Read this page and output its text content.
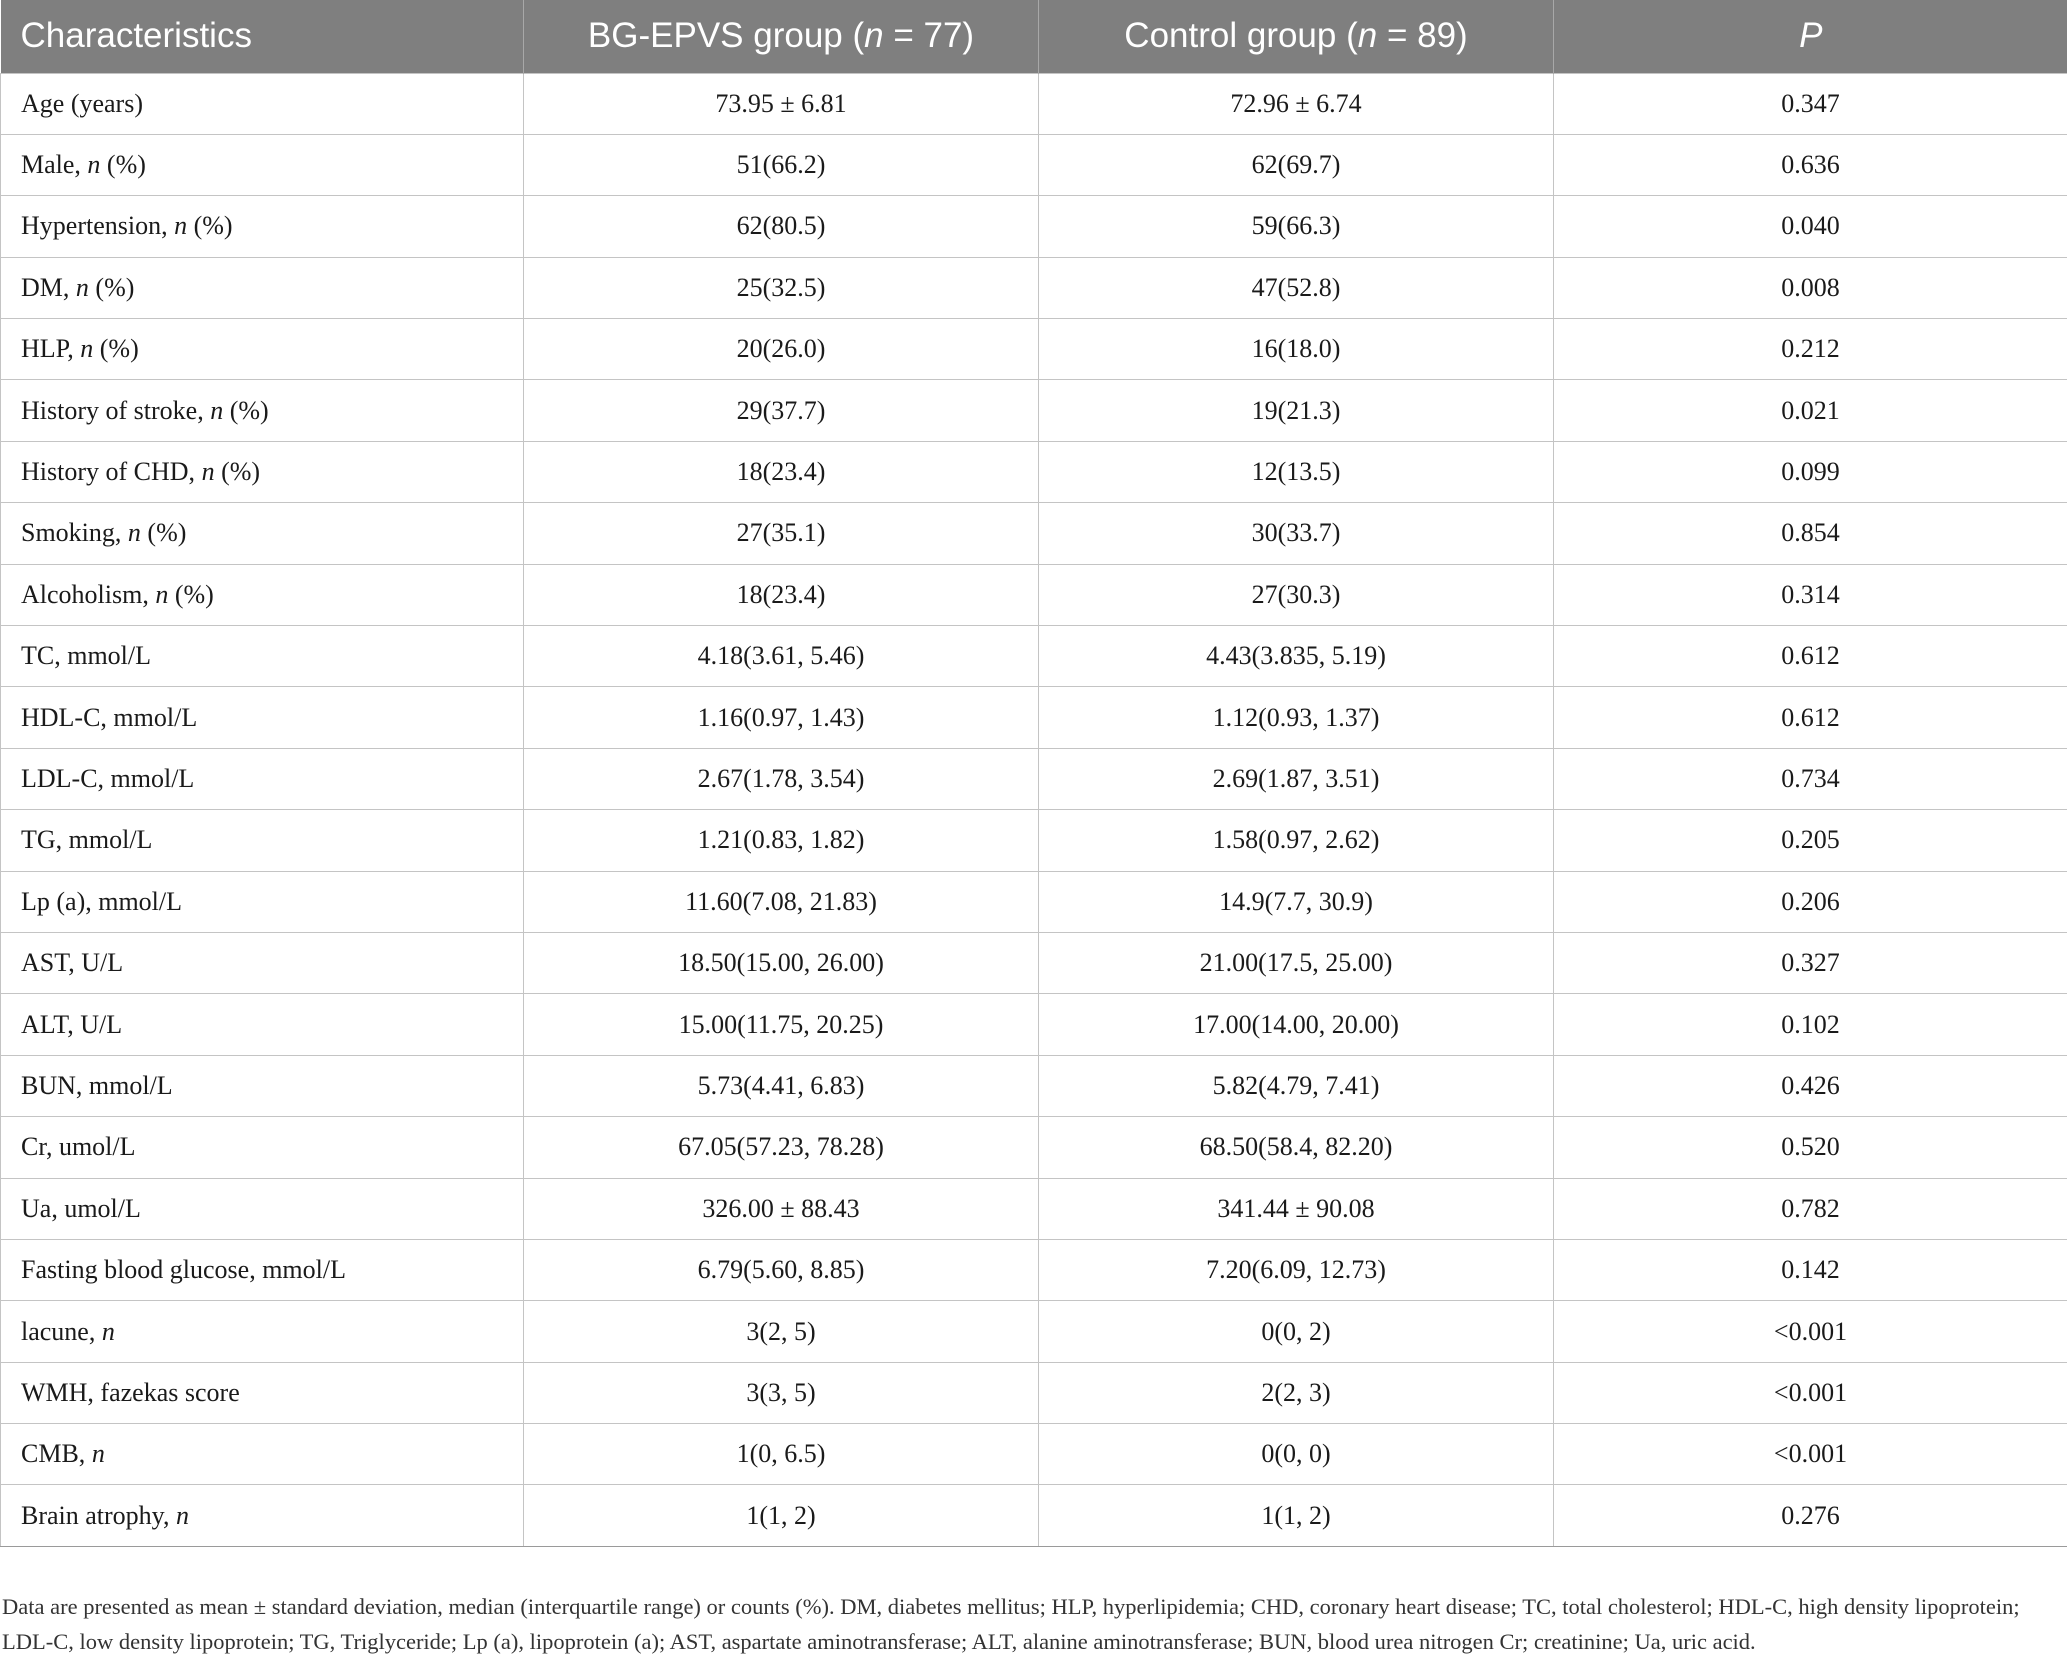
Characteristics	BG-EPVS group (n = 77)	Control group (n = 89)	P
Age (years)	73.95 ± 6.81	72.96 ± 6.74	0.347
Male, n (%)	51(66.2)	62(69.7)	0.636
Hypertension, n (%)	62(80.5)	59(66.3)	0.040
DM, n (%)	25(32.5)	47(52.8)	0.008
HLP, n (%)	20(26.0)	16(18.0)	0.212
History of stroke, n (%)	29(37.7)	19(21.3)	0.021
History of CHD, n (%)	18(23.4)	12(13.5)	0.099
Smoking, n (%)	27(35.1)	30(33.7)	0.854
Alcoholism, n (%)	18(23.4)	27(30.3)	0.314
TC, mmol/L	4.18(3.61, 5.46)	4.43(3.835, 5.19)	0.612
HDL-C, mmol/L	1.16(0.97, 1.43)	1.12(0.93, 1.37)	0.612
LDL-C, mmol/L	2.67(1.78, 3.54)	2.69(1.87, 3.51)	0.734
TG, mmol/L	1.21(0.83, 1.82)	1.58(0.97, 2.62)	0.205
Lp (a), mmol/L	11.60(7.08, 21.83)	14.9(7.7, 30.9)	0.206
AST, U/L	18.50(15.00, 26.00)	21.00(17.5, 25.00)	0.327
ALT, U/L	15.00(11.75, 20.25)	17.00(14.00, 20.00)	0.102
BUN, mmol/L	5.73(4.41, 6.83)	5.82(4.79, 7.41)	0.426
Cr, umol/L	67.05(57.23, 78.28)	68.50(58.4, 82.20)	0.520
Ua, umol/L	326.00 ± 88.43	341.44 ± 90.08	0.782
Fasting blood glucose, mmol/L	6.79(5.60, 8.85)	7.20(6.09, 12.73)	0.142
lacune, n	3(2, 5)	0(0, 2)	<0.001
WMH, fazekas score	3(3, 5)	2(2, 3)	<0.001
CMB, n	1(0, 6.5)	0(0, 0)	<0.001
Brain atrophy, n	1(1, 2)	1(1, 2)	0.276
Data are presented as mean ± standard deviation, median (interquartile range) or counts (%). DM, diabetes mellitus; HLP, hyperlipidemia; CHD, coronary heart disease; TC, total cholesterol; HDL-C, high density lipoprotein; LDL-C, low density lipoprotein; TG, Triglyceride; Lp (a), lipoprotein (a); AST, aspartate aminotransferase; ALT, alanine aminotransferase; BUN, blood urea nitrogen Cr; creatinine; Ua, uric acid.
